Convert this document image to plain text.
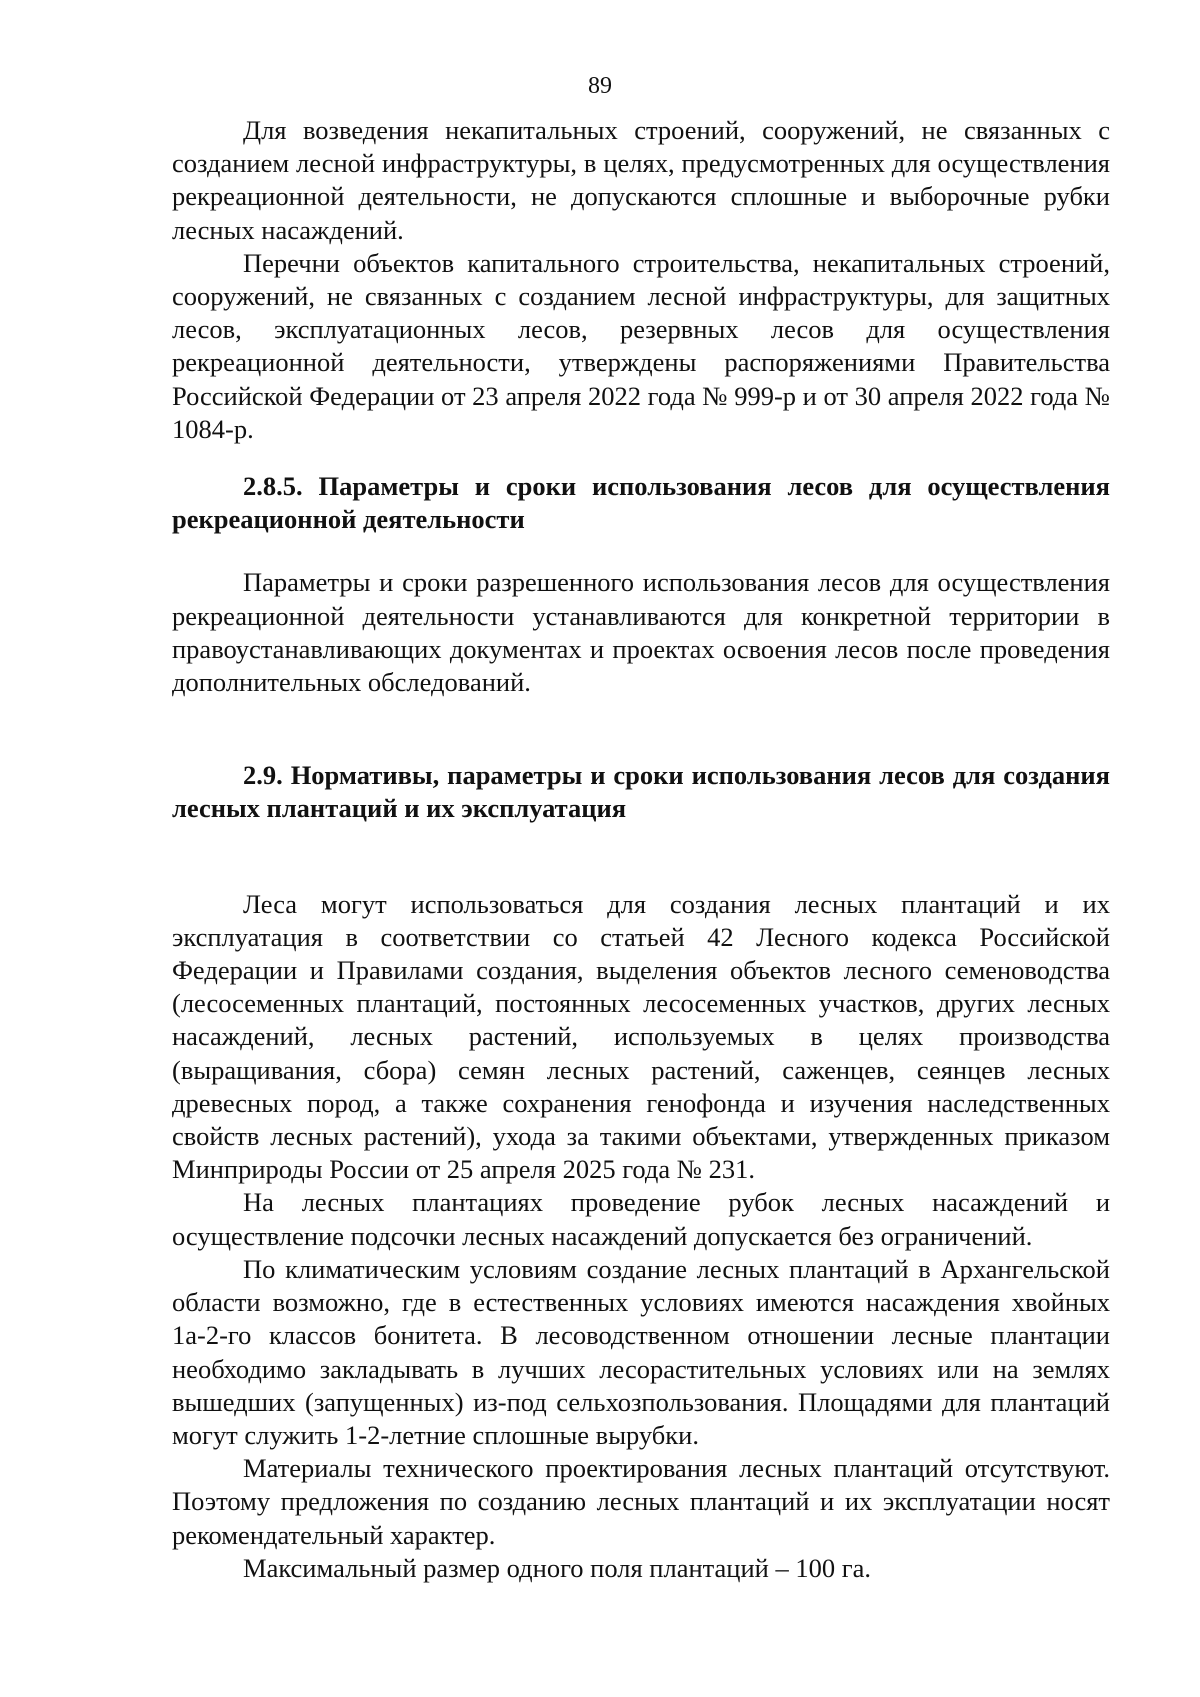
89

Для возведения некапитальных строений, сооружений, не связанных с созданием лесной инфраструктуры, в целях, предусмотренных для осуществления рекреационной деятельности, не допускаются сплошные и выборочные рубки лесных насаждений.

Перечни объектов капитального строительства, некапитальных строений, сооружений, не связанных с созданием лесной инфраструктуры, для защитных лесов, эксплуатационных лесов, резервных лесов для осуществления рекреационной деятельности, утверждены распоряжениями Правительства Российской Федерации от 23 апреля 2022 года № 999-р и от 30 апреля 2022 года № 1084-р.

2.8.5. Параметры и сроки использования лесов для осуществления рекреационной деятельности

Параметры и сроки разрешенного использования лесов для осуществления рекреационной деятельности устанавливаются для конкретной территории в правоустанавливающих документах и проектах освоения лесов после проведения дополнительных обследований.

2.9. Нормативы, параметры и сроки использования лесов для создания лесных плантаций и их эксплуатация

Леса могут использоваться для создания лесных плантаций и их эксплуатация в соответствии со статьей 42 Лесного кодекса Российской Федерации и Правилами создания, выделения объектов лесного семеноводства (лесосеменных плантаций, постоянных лесосеменных участков, других лесных насаждений, лесных растений, используемых в целях производства (выращивания, сбора) семян лесных растений, саженцев, сеянцев лесных древесных пород, а также сохранения генофонда и изучения наследственных свойств лесных растений), ухода за такими объектами, утвержденных приказом Минприроды России от 25 апреля 2025 года № 231.

На лесных плантациях проведение рубок лесных насаждений и осуществление подсочки лесных насаждений допускается без ограничений.

По климатическим условиям создание лесных плантаций в Архангельской области возможно, где в естественных условиях имеются насаждения хвойных 1а-2-го классов бонитета. В лесоводственном отношении лесные плантации необходимо закладывать в лучших лесорастительных условиях или на землях вышедших (запущенных) из-под сельхозпользования. Площадями для плантаций могут служить 1-2-летние сплошные вырубки.

Материалы технического проектирования лесных плантаций отсутствуют. Поэтому предложения по созданию лесных плантаций и их эксплуатации носят рекомендательный характер.

Максимальный размер одного поля плантаций – 100 га.
